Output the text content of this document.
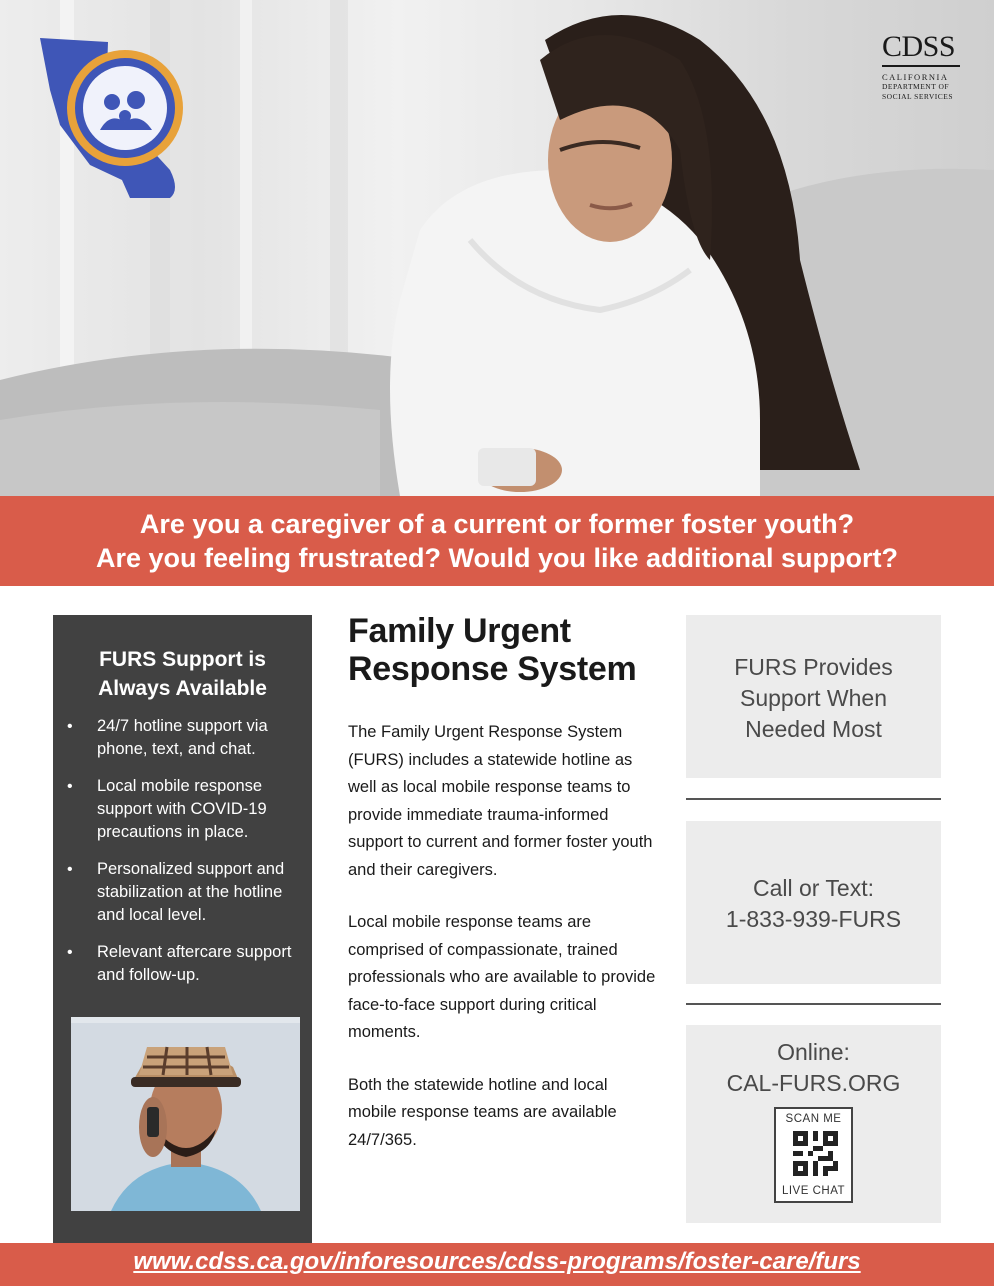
CDSS
CALIFORNIA
DEPARTMENT OF
SOCIAL SERVICES
Are you a caregiver of a current or former foster youth?
Are you feeling frustrated? Would you like additional support?
FURS Support is
Always Available
• 24/7 hotline support via phone, text, and chat.
• Local mobile response support with COVID-19 precautions in place.
• Personalized support and stabilization at the hotline and local level.
• Relevant aftercare support and follow-up.
Family Urgent
Response System

The Family Urgent Response System (FURS) includes a statewide hotline as well as local mobile response teams to provide immediate trauma-informed support to current and former foster youth and their caregivers.

Local mobile response teams are comprised of compassionate, trained professionals who are available to provide face-to-face support during critical moments.

Both the statewide hotline and local mobile response teams are available 24/7/365.

FURS Provides
Support When
Needed Most
Call or Text:
1-833-939-FURS
Online:
CAL-FURS.ORG
SCAN ME
LIVE CHAT
www.cdss.ca.gov/inforesources/cdss-programs/foster-care/furs
